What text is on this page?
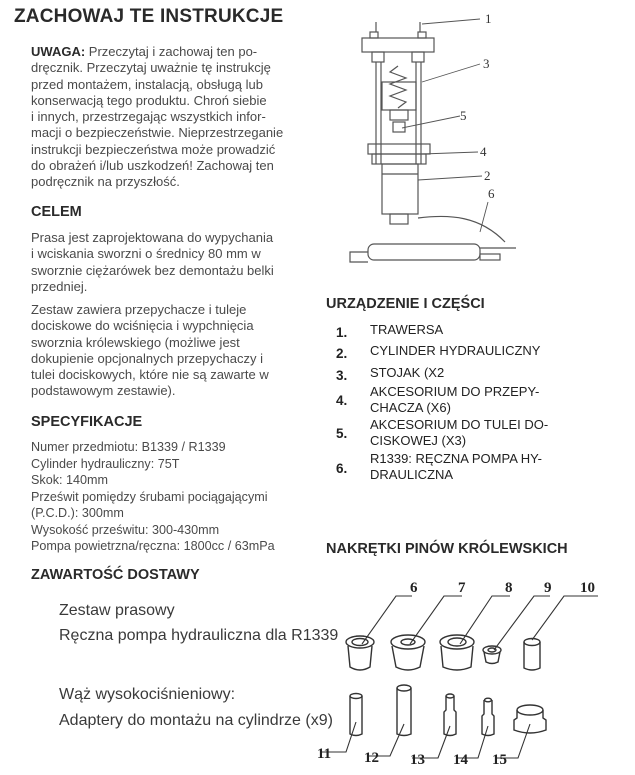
ZACHOWAJ TE INSTRUKCJE
UWAGA: Przeczytaj i zachowaj ten po-
dręcznik. Przeczytaj uważnie tę instrukcję
przed montażem, instalacją, obsługą lub
konserwacją tego produktu. Chroń siebie
i innych, przestrzegając wszystkich infor-
macji o bezpieczeństwie. Nieprzestrzeganie
instrukcji bezpieczeństwa może prowadzić
do obrażeń i/lub uszkodzeń! Zachowaj ten
podręcznik na przyszłość.
CELEM
Prasa jest zaprojektowana do wypychania
i wciskania sworzni o średnicy 80 mm w
sworznie ciężarówek bez demontażu belki
przedniej.
Zestaw zawiera przepychacze i tuleje
dociskowe do wciśnięcia i wypchnięcia
sworznia królewskiego (możliwe jest
dokupienie opcjonalnych przepychaczy i
tulei dociskowych, które nie są zawarte w
podstawowym zestawie).
SPECYFIKACJE
Numer przedmiotu: B1339 / R1339
Cylinder hydrauliczny: 75T
Skok: 140mm
Prześwit pomiędzy śrubami pociągającymi
(P.C.D.): 300mm
Wysokość prześwitu: 300-430mm
Pompa powietrzna/ręczna: 1800cc / 63mPa
ZAWARTOŚĆ DOSTAWY
Zestaw prasowy
Ręczna pompa hydrauliczna dla R1339
Wąż wysokociśnieniowy:
Adaptery do montażu na cylindrze (x9)
URZĄDZENIE I CZĘŚCI
1. TRAWERSA
2. CYLINDER HYDRAULICZNY
3. STOJAK (X2
4.
AKCESORIUM DO PRZEPY-
CHACZA (X6)
5.
AKCESORIUM DO TULEI DO-
CISKOWEJ (X3)
6.
R1339: RĘCZNA POMPA HY-
DRAULICZNA
NAKRĘTKI PINÓW KRÓLEWSKICH
1
3
5
4
2
6
6	7	8 9 10
11 12 13 14 15
